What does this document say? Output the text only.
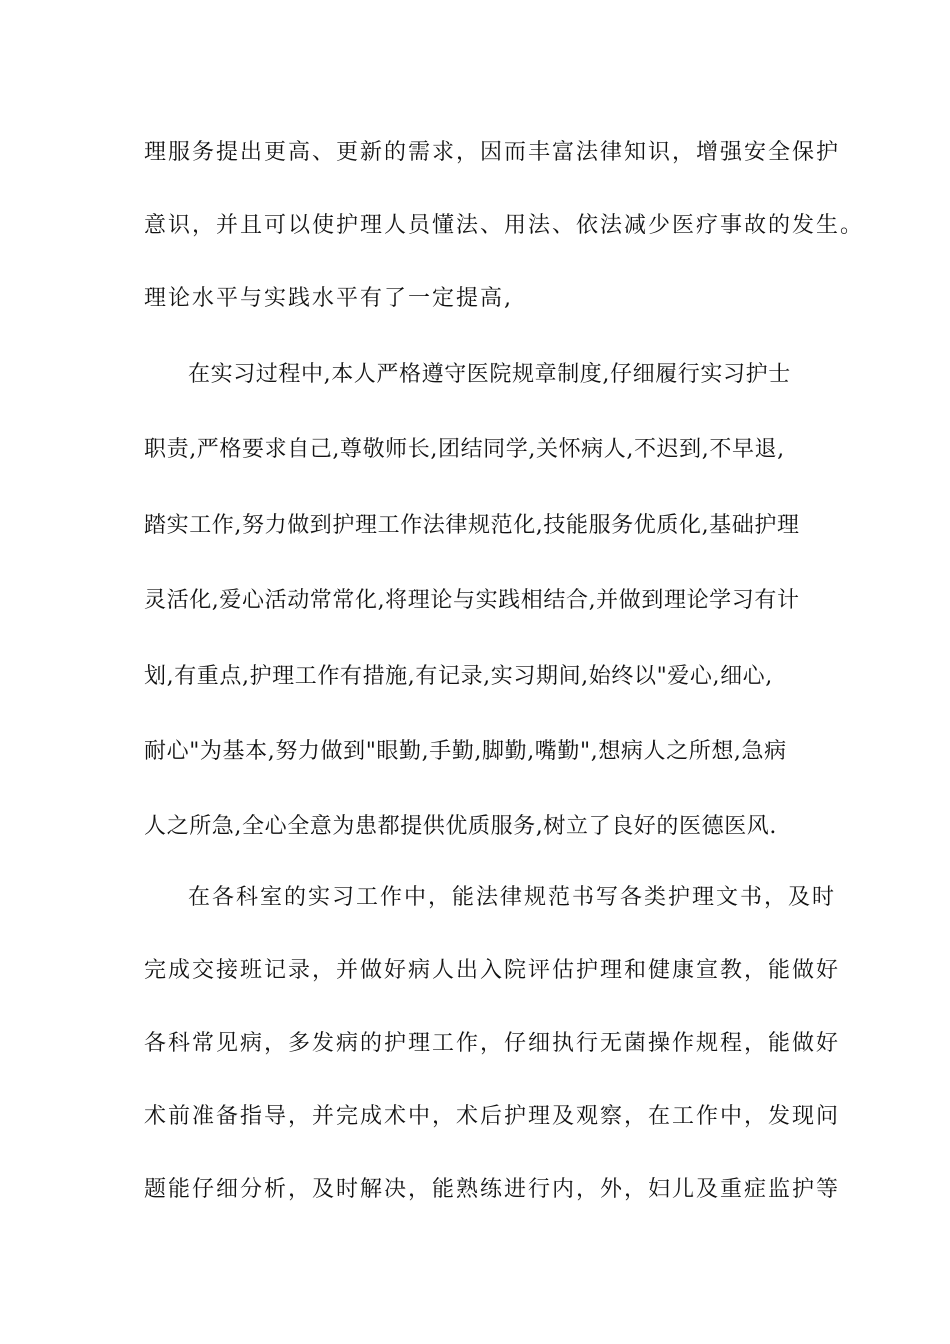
理服务提出更高、更新的需求，因而丰富法律知识，增强安全保护
意识，并且可以使护理人员懂法、用法、依法减少医疗事故的发生。
理论水平与实践水平有了一定提高,
在实习过程中,本人严格遵守医院规章制度,仔细履行实习护士
职责,严格要求自己,尊敬师长,团结同学,关怀病人,不迟到,不早退,
踏实工作,努力做到护理工作法律规范化,技能服务优质化,基础护理
灵活化,爱心活动常常化,将理论与实践相结合,并做到理论学习有计
划,有重点,护理工作有措施,有记录,实习期间,始终以"爱心,细心,
耐心"为基本,努力做到"眼勤,手勤,脚勤,嘴勤",想病人之所想,急病
人之所急,全心全意为患都提供优质服务,树立了良好的医德医风.
在各科室的实习工作中，能法律规范书写各类护理文书，及时
完成交接班记录，并做好病人出入院评估护理和健康宣教，能做好
各科常见病，多发病的护理工作，仔细执行无菌操作规程，能做好
术前准备指导，并完成术中，术后护理及观察，在工作中，发现问
题能仔细分析，及时解决，能熟练进行内，外，妇儿及重症监护等
